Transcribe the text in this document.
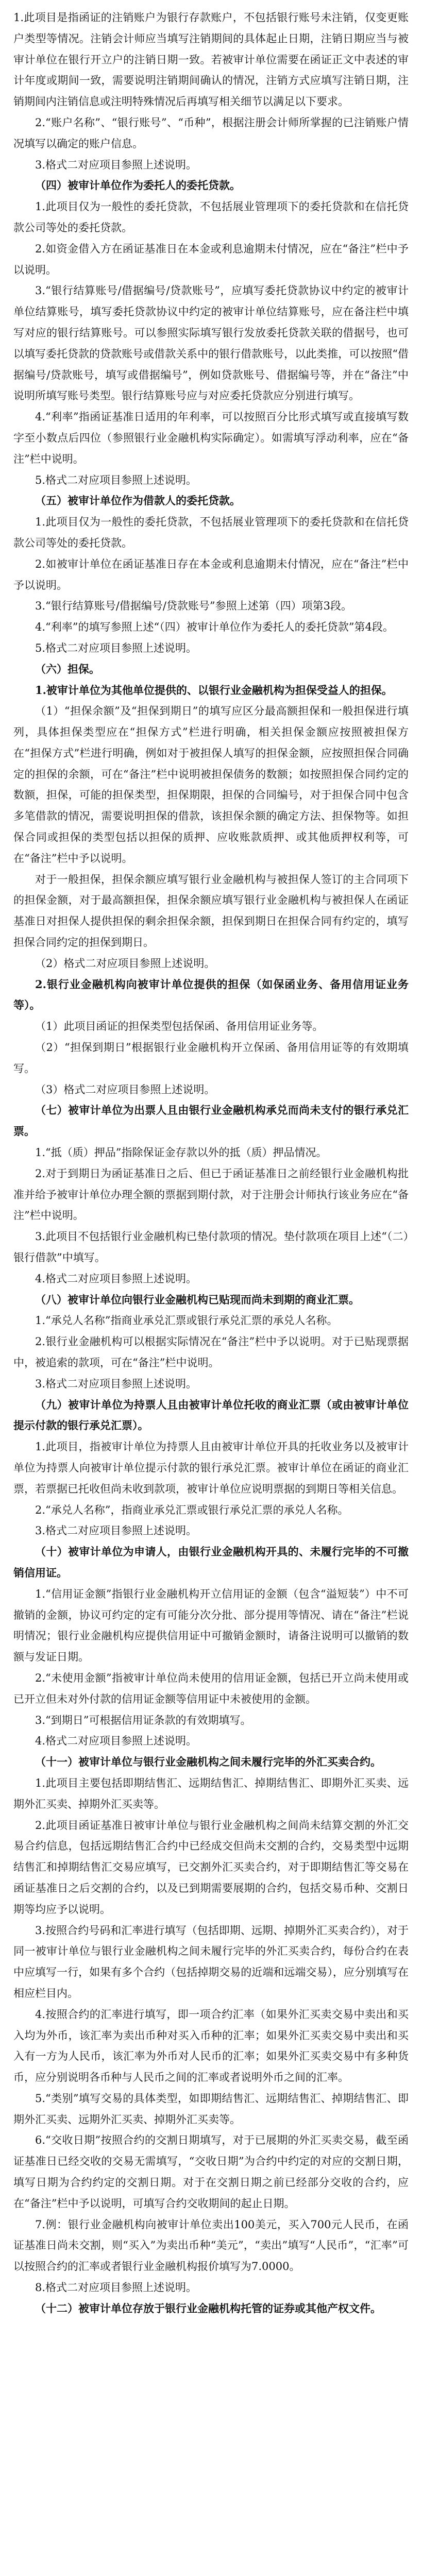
1.此项目是指函证的注销账户为银行存款账户，不包括银行账号未注销，仅变更账户类型等情况。注销会计师应当填写注销期间的具体起止日期，注销日期应当与被审计单位在银行开立户的注销日期一致。若被审计单位需要在函证正文中表述的审计年度或期间一致，需要说明注销期间确认的情况，注销方式应填写注销日期，注销期间内注销信息或注明特殊情况后再填写相关细节以满足以下要求。

2.“账户名称”、“银行账号”、“币种”，根据注册会计师所掌握的已注销账户情况填写以确定的账户信息。

3.格式二对应项目参照上述说明。

（四）被审计单位作为委托人的委托贷款。

1.此项目仅为一般性的委托贷款，不包括展业管理项下的委托贷款和在信托贷款公司等处的委托贷款。

2.如资金借入方在函证基准日在本金或利息逾期未付情况，应在“备注”栏中予以说明。

3.“银行结算账号/借据编号/贷款账号”，应填写委托贷款协议中约定的被审计单位结算账号，填写委托贷款协议中约定的被审计单位结算账号，应在备注栏中填写对应的银行结算账号。可以参照实际填写银行发放委托贷款关联的借据号，也可以填写委托贷款的贷款账号或借款关系中的银行借款账号，以此类推，可以按照“借据编号/贷款账号，填写或借据编号”，例如贷款账号、借据编号等，并在“备注”中说明所填写账号类型。银行结算账号应与对应委托贷款应分别进行填写。

4.“利率”指函证基准日适用的年利率，可以按照百分比形式填写或直接填写数字至小数点后四位（参照银行业金融机构实际确定）。如需填写浮动利率，应在“备注”栏中说明。

5.格式二对应项目参照上述说明。

（五）被审计单位作为借款人的委托贷款。

1.此项目仅为一般性的委托贷款，不包括展业管理项下的委托贷款和在信托贷款公司等处的委托贷款。

2.如被审计单位在函证基准日存在本金或利息逾期未付情况，应在“备注”栏中予以说明。

3.“银行结算账号/借据编号/贷款账号”参照上述第（四）项第3段。

4.“利率”的填写参照上述“（四）被审计单位作为委托人的委托贷款”第4段。

5.格式二对应项目参照上述说明。

（六）担保。

1.被审计单位为其他单位提供的、以银行业金融机构为担保受益人的担保。

（1）“担保余额”及“担保到期日”的填写应区分最高额担保和一般担保进行填列，具体担保类型应在“担保方式”栏进行明确，相关担保金额应按照被担保方在“担保方式”栏进行明确，例如对于被担保人填写的担保金额，应按照担保合同确定的担保的余额，可在“备注”栏中说明被担保债务的数额；如按照担保合同约定的数额，担保，可能的担保类型，担保期限，担保的合同编号，对于担保合同中包含多笔借款的情况，需要说明担保的借款，该担保余额的确定方法、担保物等。如担保合同或担保的类型包括以担保的质押、应收账款质押、或其他质押权利等，可在“备注”栏中予以说明。

对于一般担保，担保余额应填写银行业金融机构与被担保人签订的主合同项下的担保金额，对于最高额担保，担保余额应填写银行业金融机构与被担保人在函证基准日对担保人提供担保的剩余担保余额，担保到期日在担保合同有约定的，填写担保合同约定的担保到期日。

（2）格式二对应项目参照上述说明。

2.银行业金融机构向被审计单位提供的担保（如保函业务、备用信用证业务等）。

（1）此项目函证的担保类型包括保函、备用信用证业务等。

（2）“担保到期日”根据银行业金融机构开立保函、备用信用证等的有效期填写。

（3）格式二对应项目参照上述说明。

（七）被审计单位为出票人且由银行业金融机构承兑而尚未支付的银行承兑汇票。

1.“抵（质）押品”指除保证金存款以外的抵（质）押品情况。

2.对于到期日为函证基准日之后、但已于函证基准日之前经银行业金融机构批准并给予被审计单位办理全额的票据到期付款，对于注册会计师执行该业务应在“备注”栏中说明。

3.此项目不包括银行业金融机构已垫付款项的情况。垫付款项在项目上述“（二）银行借款”中填写。

4.格式二对应项目参照上述说明。

（八）被审计单位向银行业金融机构已贴现而尚未到期的商业汇票。

1.“承兑人名称”指商业承兑汇票或银行承兑汇票的承兑人名称。

2.银行业金融机构可以根据实际情况在“备注”栏中予以说明。对于已贴现票据中，被追索的款项，可在“备注”栏中说明。

3.格式二对应项目参照上述说明。

（九）被审计单位为持票人且由被审计单位托收的商业汇票（或由被审计单位提示付款的银行承兑汇票）。

1.此项目，指被审计单位为持票人且由被审计单位开具的托收业务以及被审计单位为持票人向被审计单位提示付款的银行承兑汇票。被审计单位在函证的商业汇票，若票据已托收但尚未收到款项，被审计单位应说明票据的到期日等相关信息。

2.“承兑人名称”，指商业承兑汇票或银行承兑汇票的承兑人名称。

3.格式二对应项目参照上述说明。

（十）被审计单位为申请人，由银行业金融机构开具的、未履行完毕的不可撤销信用证。

1.“信用证金额”指银行业金融机构开立信用证的金额（包含“溢短装”）中不可撤销的金额，协议可约定的定有可能分次分批、部分提用等情况、请在“备注”栏说明情况；银行业金融机构应提供信用证中可撤销金额时，请备注说明可以撤销的数额与发证日期。

2.“未使用金额”指被审计单位尚未使用的信用证金额，包括已开立尚未使用或已开立但未对外付款的信用证金额等信用证中未被使用的金额。

3.“到期日”可根据信用证条款的有效期填写。

4.格式二对应项目参照上述说明。

（十一）被审计单位与银行业金融机构之间未履行完毕的外汇买卖合约。

1.此项目主要包括即期结售汇、远期结售汇、掉期结售汇、即期外汇买卖、远期外汇买卖、掉期外汇买卖等。

2.此项目函证基准日被审计单位与银行业金融机构之间尚未结算交割的外汇交易合约信息，包括远期结售汇合约中已经成交但尚未交割的合约，交易类型中远期结售汇和掉期结售汇交易应填写，已交割外汇买卖合约，对于即期结售汇等交易在函证基准日之后交割的合约，以及已到期需要展期的合约，包括交易币种、交割日期等均应予以说明。

3.按照合约号码和汇率进行填写（包括即期、远期、掉期外汇买卖合约），对于同一被审计单位与银行业金融机构之间未履行完毕的外汇买卖合约，每份合约在表中应填写一行，如果有多个合约（包括掉期交易的近端和远端交易），应分别填写在相应栏目内。

4.按照合约的汇率进行填写，即一项合约汇率（如果外汇买卖交易中卖出和买入均为外币，该汇率为卖出币种对买入币种的汇率；如果外汇买卖交易中卖出和买入有一方为人民币，该汇率为外币对人民币的汇率；如果外汇买卖交易中有多种货币，应分别说明各币种与人民币之间的汇率或者说明外币之间的汇率。

5.“类别”填写交易的具体类型，如即期结售汇、远期结售汇、掉期结售汇、即期外汇买卖、远期外汇买卖、掉期外汇买卖等。

6.“交收日期”按照合约的交割日期填写，对于已展期的外汇买卖交易，截至函证基准日已经交收的交易无需填写，“交收日期”为合约中约定的对应的交割日期，填写日期为合约约定的交割日期。对于在交割日期之前已经部分交收的合约，应在“备注”栏中予以说明，可填写合约交收期间的起止日期。

7.例：银行业金融机构向被审计单位卖出100美元，买入700元人民币，在函证基准日尚未交割，则“买入”为卖出币种“美元”，“卖出”填写“人民币”，“汇率”可以按照合约的汇率或者银行业金融机构报价填写为7.0000。

8.格式二对应项目参照上述说明。

（十二）被审计单位存放于银行业金融机构托管的证券或其他产权文件。
